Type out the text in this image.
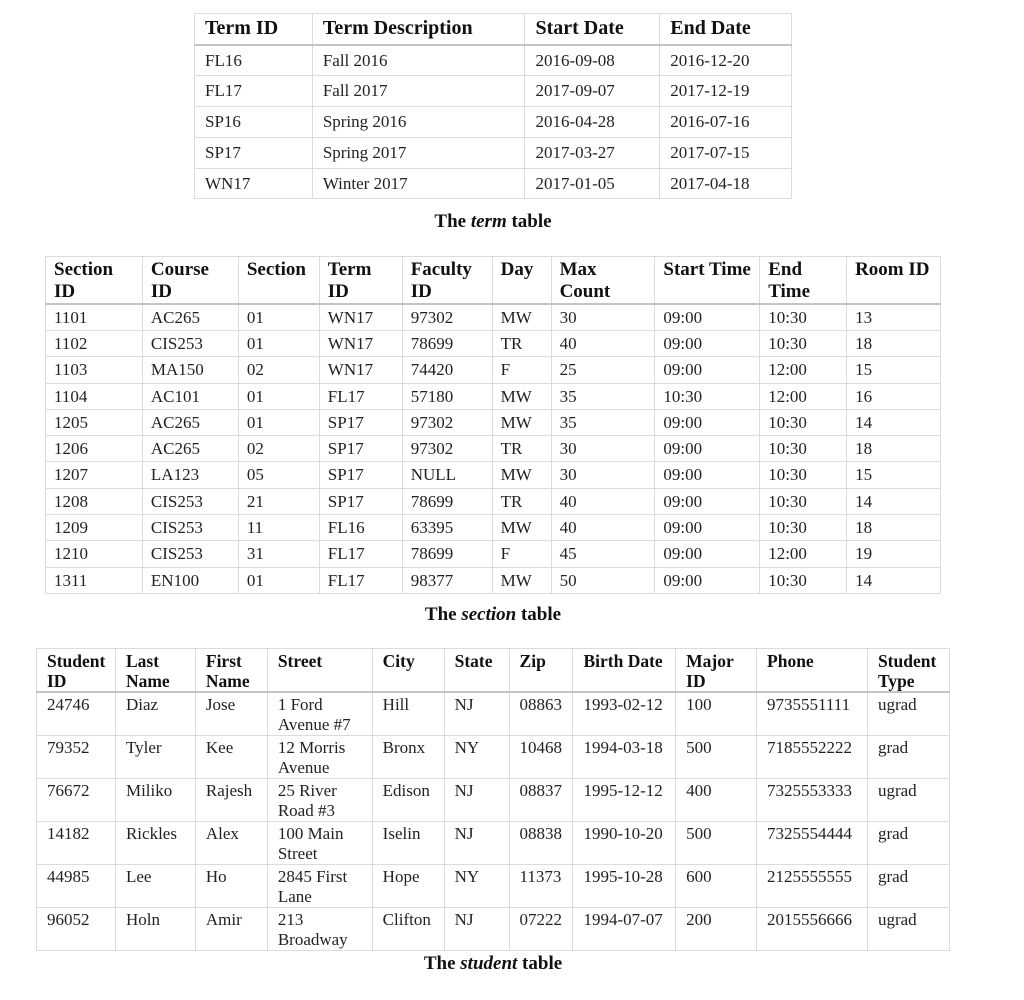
Term ID	Term Description	Start Date	End Date
FL16	Fall 2016	2016-09-08	2016-12-20
FL17	Fall 2017	2017-09-07	2017-12-19
SP16	Spring 2016	2016-04-28	2016-07-16
SP17	Spring 2017	2017-03-27	2017-07-15
WN17	Winter 2017	2017-01-05	2017-04-18
The term table
Section ID	Course ID	Section	Term ID	Faculty ID	Day	Max Count	Start Time	End Time	Room ID
1101	AC265	01	WN17	97302	MW	30	09:00	10:30	13
1102	CIS253	01	WN17	78699	TR	40	09:00	10:30	18
1103	MA150	02	WN17	74420	F	25	09:00	12:00	15
1104	AC101	01	FL17	57180	MW	35	10:30	12:00	16
1205	AC265	01	SP17	97302	MW	35	09:00	10:30	14
1206	AC265	02	SP17	97302	TR	30	09:00	10:30	18
1207	LA123	05	SP17	NULL	MW	30	09:00	10:30	15
1208	CIS253	21	SP17	78699	TR	40	09:00	10:30	14
1209	CIS253	11	FL16	63395	MW	40	09:00	10:30	18
1210	CIS253	31	FL17	78699	F	45	09:00	12:00	19
1311	EN100	01	FL17	98377	MW	50	09:00	10:30	14
The section table
Student ID	Last Name	First Name	Street	City	State	Zip	Birth Date	Major ID	Phone	Student Type
24746	Diaz	Jose	1 Ford Avenue #7	Hill	NJ	08863	1993-02-12	100	9735551111	ugrad
79352	Tyler	Kee	12 Morris Avenue	Bronx	NY	10468	1994-03-18	500	7185552222	grad
76672	Miliko	Rajesh	25 River Road #3	Edison	NJ	08837	1995-12-12	400	7325553333	ugrad
14182	Rickles	Alex	100 Main Street	Iselin	NJ	08838	1990-10-20	500	7325554444	grad
44985	Lee	Ho	2845 First Lane	Hope	NY	11373	1995-10-28	600	2125555555	grad
96052	Holn	Amir	213 Broadway	Clifton	NJ	07222	1994-07-07	200	2015556666	ugrad
The student table
